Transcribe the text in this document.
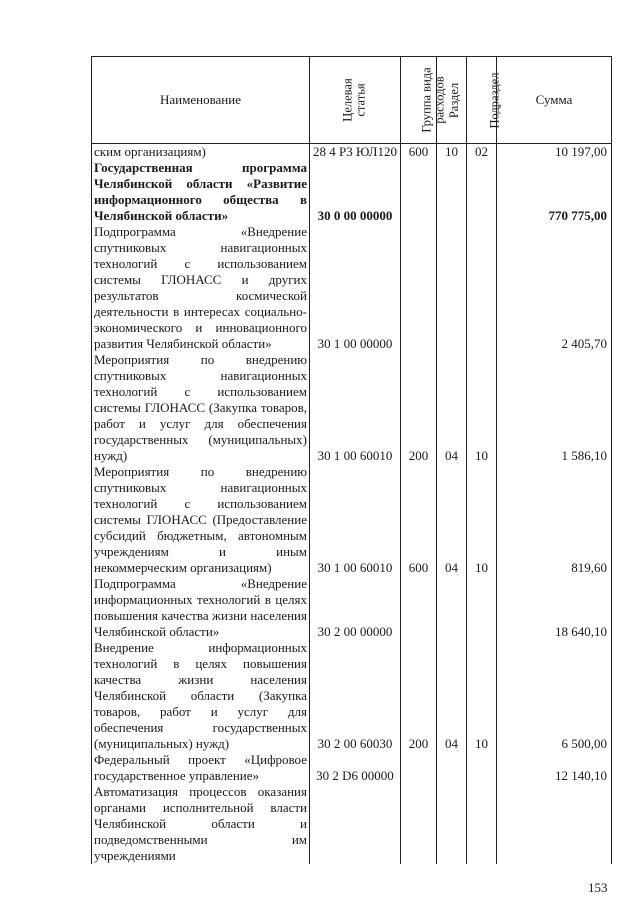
Наименование	Целевая статья	Группа вида расходов	Раздел	Подраздел	Сумма
ским организациям)	28 4 Р3 ЮЛ120	600	10	02	10 197,00
Государственная программа Челябинской области «Развитие информационного общества в Челябинской области»	30 0 00 00000				770 775,00
Подпрограмма «Внедрение спутниковых навигационных технологий с использованием системы ГЛОНАСС и других результатов космической деятельности в интересах социально-экономического и инновационного развития Челябинской области»	30 1 00 00000				2 405,70
Мероприятия по внедрению спутниковых навигационных технологий с использованием системы ГЛОНАСС (Закупка товаров, работ и услуг для обеспечения государственных (муниципальных) нужд)	30 1 00 60010	200	04	10	1 586,10
Мероприятия по внедрению спутниковых навигационных технологий с использованием системы ГЛОНАСС (Предоставление субсидий бюджетным, автономным учреждениям и иным некоммерческим организациям)	30 1 00 60010	600	04	10	819,60
Подпрограмма «Внедрение информационных технологий в целях повышения качества жизни населения Челябинской области»	30 2 00 00000				18 640,10
Внедрение информационных технологий в целях повышения качества жизни населения Челябинской области (Закупка товаров, работ и услуг для обеспечения государственных (муниципальных) нужд)	30 2 00 60030	200	04	10	6 500,00
Федеральный проект «Цифровое государственное управление»	30 2 D6 00000				12 140,10
Автоматизация процессов оказания органами исполнительной власти Челябинской области и подведомственными им учреждениями					
153
